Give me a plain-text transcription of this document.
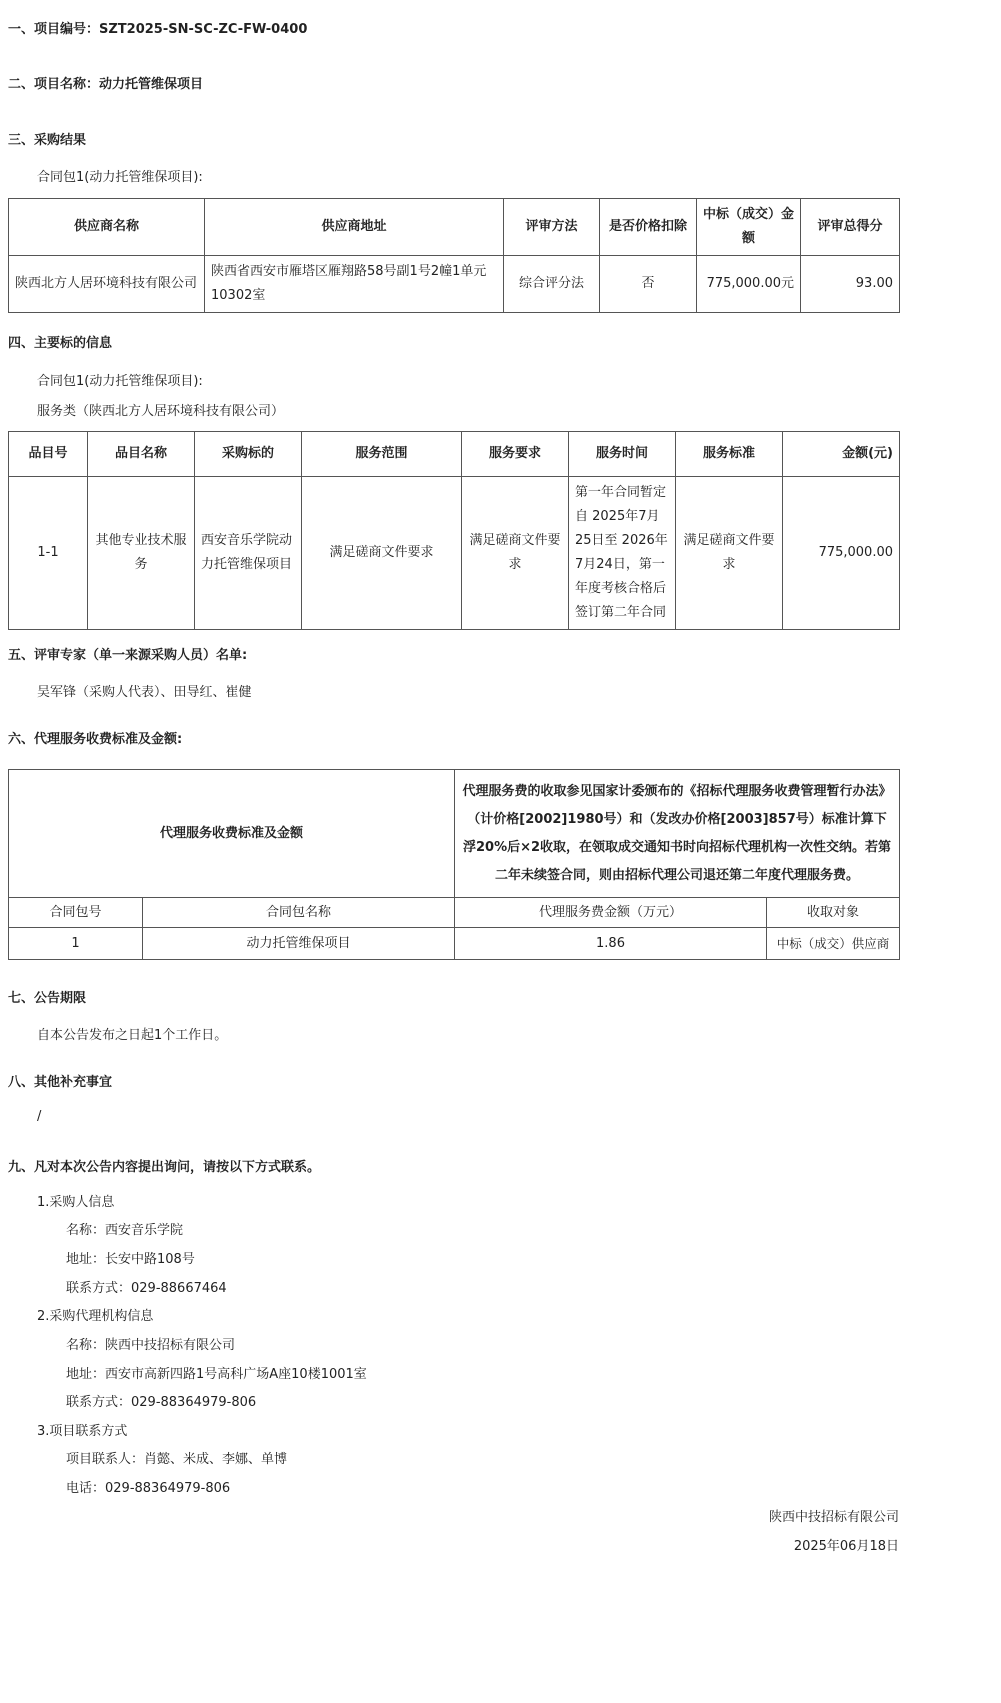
一、项目编号：SZT2025-SN-SC-ZC-FW-0400
二、项目名称：动力托管维保项目
三、采购结果
合同包1(动力托管维保项目):
供应商名称	供应商地址	评审方法	是否价格扣除	中标（成交）金额	评审总得分
陕西北方人居环境科技有限公司	陕西省西安市雁塔区雁翔路58号副1号2幢1单元10302室	综合评分法	否	775,000.00元	93.00
四、主要标的信息
合同包1(动力托管维保项目):
服务类（陕西北方人居环境科技有限公司）
品目号	品目名称	采购标的	服务范围	服务要求	服务时间	服务标准	金额(元)
1-1	其他专业技术服务	西安音乐学院动力托管维保项目	满足磋商文件要求	满足磋商文件要求	第一年合同暂定自 2025年7月25日至 2026年7月24日，第一年度考核合格后签订第二年合同	满足磋商文件要求	775,000.00
五、评审专家（单一来源采购人员）名单:
吴军锋（采购人代表）、田导红、崔健
六、代理服务收费标准及金额:
代理服务收费标准及金额		代理服务费的收取参见国家计委颁布的《招标代理服务收费管理暂行办法》（计价格[2002]1980号）和（发改办价格[2003]857号）标准计算下浮20%后×2收取，在领取成交通知书时向招标代理机构一次性交纳。若第二年未续签合同，则由招标代理公司退还第二年度代理服务费。	
合同包号	合同包名称	代理服务费金额（万元）	收取对象
1	动力托管维保项目	1.86	中标（成交）供应商
七、公告期限
自本公告发布之日起1个工作日。
八、其他补充事宜
/
九、凡对本次公告内容提出询问，请按以下方式联系。
1.采购人信息
名称：西安音乐学院
地址：长安中路108号
联系方式：029-88667464
2.采购代理机构信息
名称：陕西中技招标有限公司
地址：西安市高新四路1号高科广场A座10楼1001室
联系方式：029-88364979-806
3.项目联系方式
项目联系人：肖懿、米成、李娜、单博
电话：029-88364979-806
陕西中技招标有限公司
2025年06月18日
